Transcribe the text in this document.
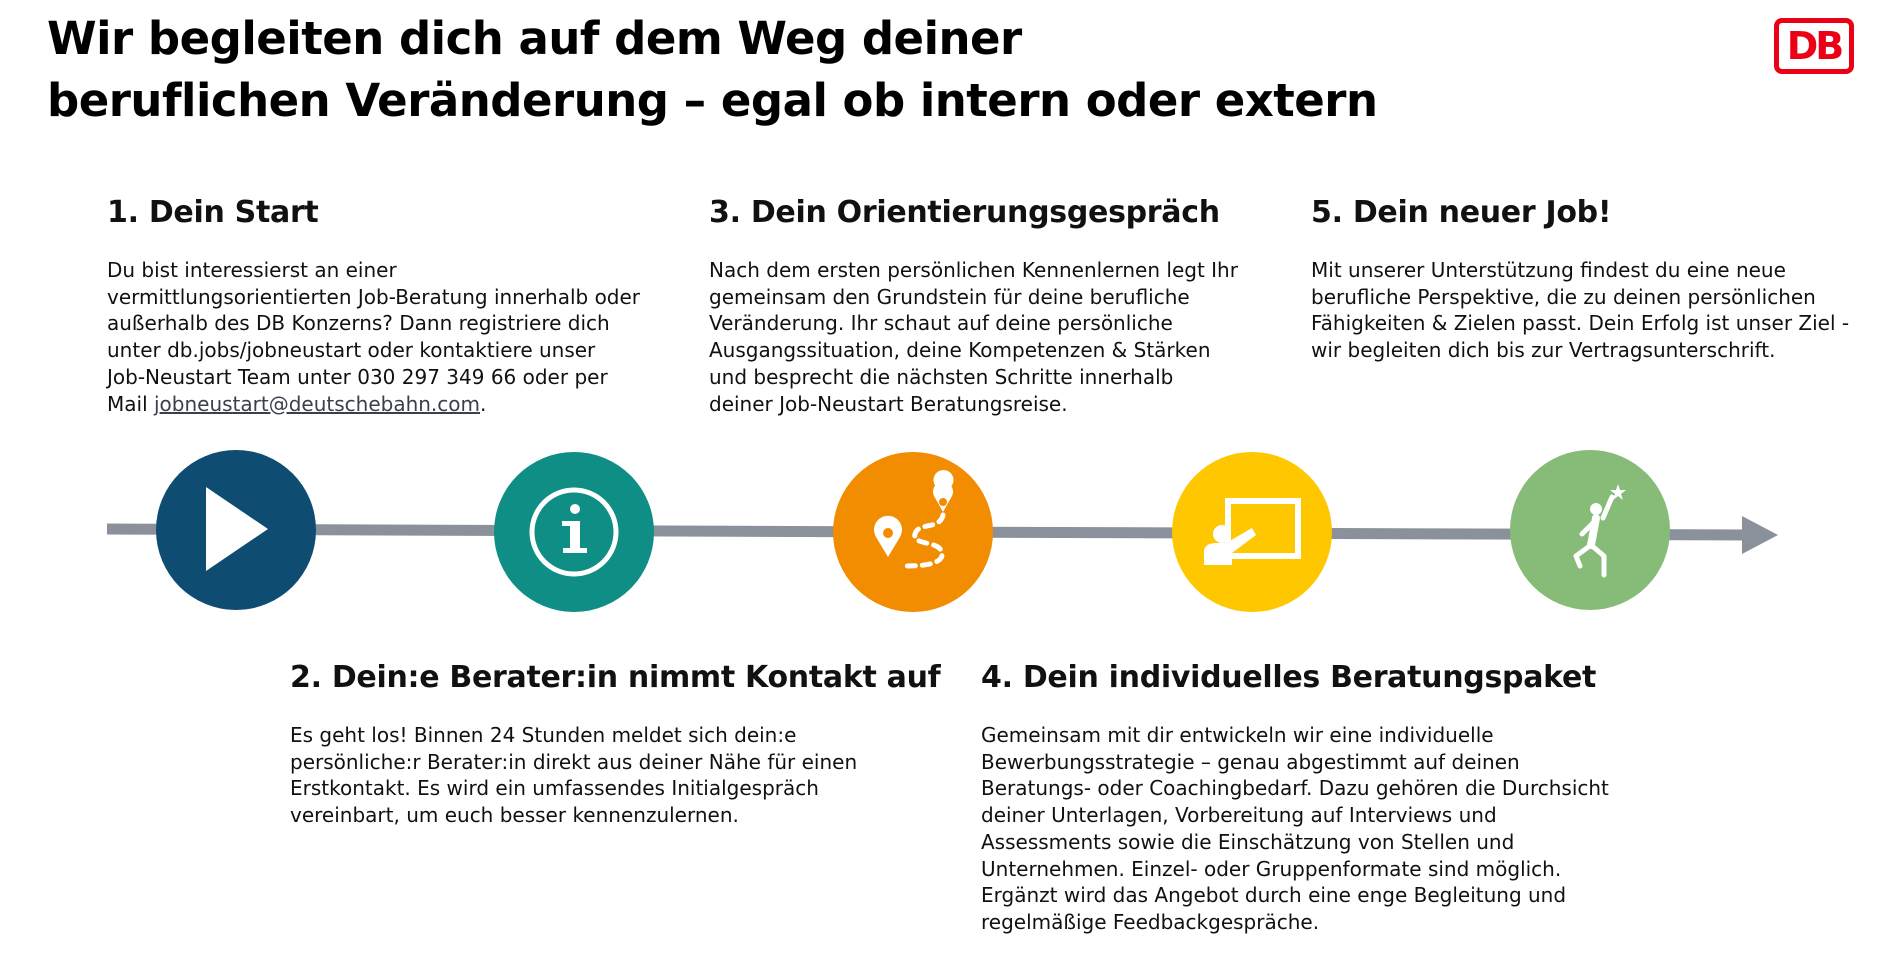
Wir begleiten dich auf dem Weg deiner
beruflichen Veränderung – egal ob intern oder extern
DB
1. Dein Start

Du bist interessierst an einer

vermittlungsorientierten Job-Beratung innerhalb oder

außerhalb des DB Konzerns? Dann registriere dich

unter db.jobs/jobneustart oder kontaktiere unser

Job-Neustart Team unter 030 297 349 66 oder per

Mail jobneustart@deutschebahn.com.

3. Dein Orientierungsgespräch

Nach dem ersten persönlichen Kennenlernen legt Ihr

gemeinsam den Grundstein für deine berufliche

Veränderung. Ihr schaut auf deine persönliche

Ausgangssituation, deine Kompetenzen & Stärken

und besprecht die nächsten Schritte innerhalb

deiner Job-Neustart Beratungsreise.

5. Dein neuer Job!

Mit unserer Unterstützung findest du eine neue

berufliche Perspektive, die zu deinen persönlichen

Fähigkeiten & Zielen passt. Dein Erfolg ist unser Ziel -

wir begleiten dich bis zur Vertragsunterschrift.

2. Dein:e Berater:in nimmt Kontakt auf

Es geht los! Binnen 24 Stunden meldet sich dein:e

persönliche:r Berater:in direkt aus deiner Nähe für einen

Erstkontakt. Es wird ein umfassendes Initialgespräch

vereinbart, um euch besser kennenzulernen.

4. Dein individuelles Beratungspaket

Gemeinsam mit dir entwickeln wir eine individuelle

Bewerbungsstrategie – genau abgestimmt auf deinen

Beratungs- oder Coachingbedarf. Dazu gehören die Durchsicht

deiner Unterlagen, Vorbereitung auf Interviews und

Assessments sowie die Einschätzung von Stellen und

Unternehmen. Einzel- oder Gruppenformate sind möglich.

Ergänzt wird das Angebot durch eine enge Begleitung und

regelmäßige Feedbackgespräche.
